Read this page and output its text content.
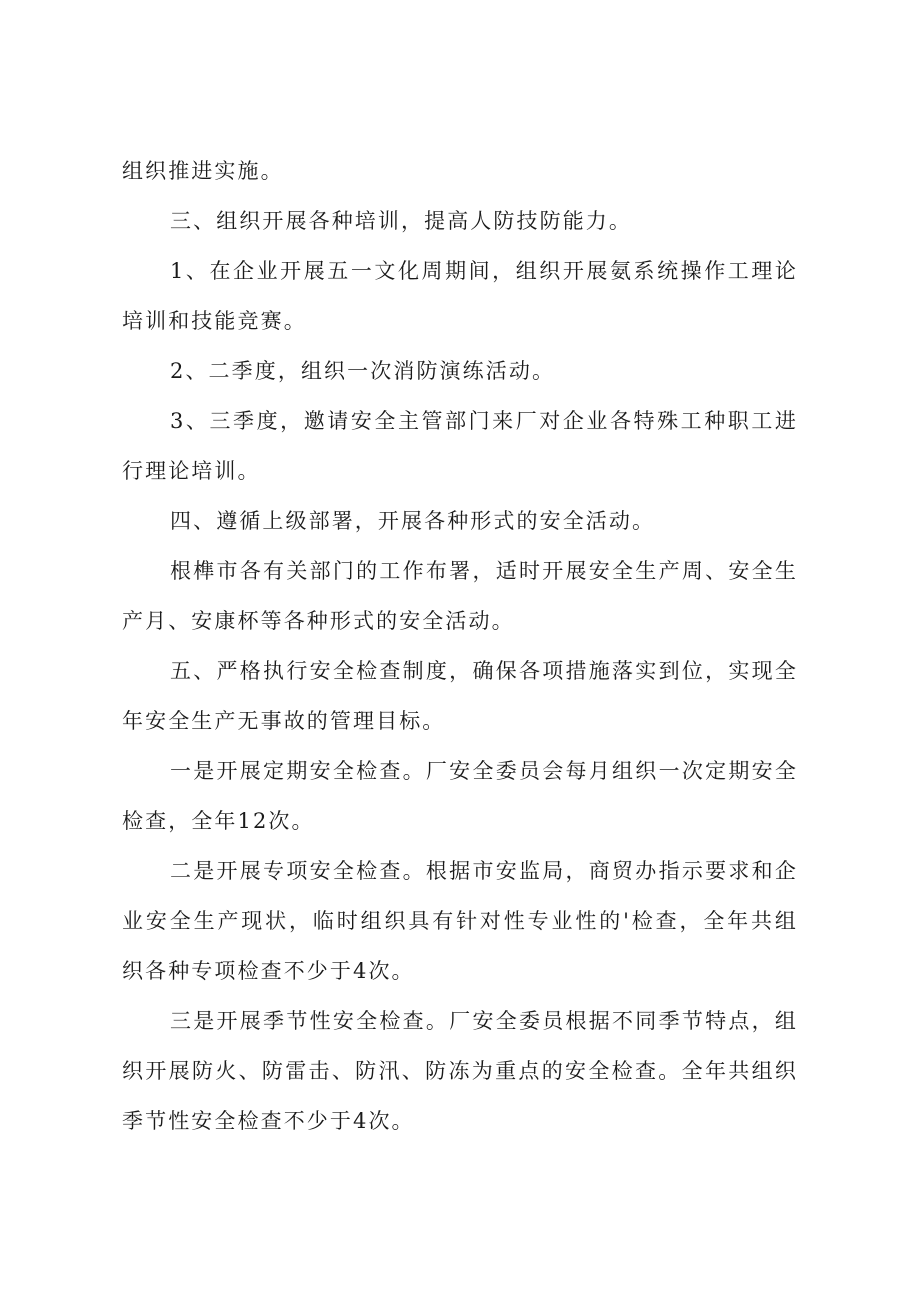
组织推进实施。

三、组织开展各种培训，提高人防技防能力。

1、在企业开展五一文化周期间，组织开展氨系统操作工理论培训和技能竞赛。

2、二季度，组织一次消防演练活动。

3、三季度，邀请安全主管部门来厂对企业各特殊工种职工进行理论培训。

四、遵循上级部署，开展各种形式的安全活动。

根榫市各有关部门的工作布署，适时开展安全生产周、安全生产月、安康杯等各种形式的安全活动。

五、严格执行安全检查制度，确保各项措施落实到位，实现全年安全生产无事故的管理目标。

一是开展定期安全检查。厂安全委员会每月组织一次定期安全检查，全年12次。

二是开展专项安全检查。根据市安监局，商贸办指示要求和企业安全生产现状，临时组织具有针对性专业性的'检查，全年共组织各种专项检查不少于4次。

三是开展季节性安全检查。厂安全委员根据不同季节特点，组织开展防火、防雷击、防汛、防冻为重点的安全检查。全年共组织季节性安全检查不少于4次。
